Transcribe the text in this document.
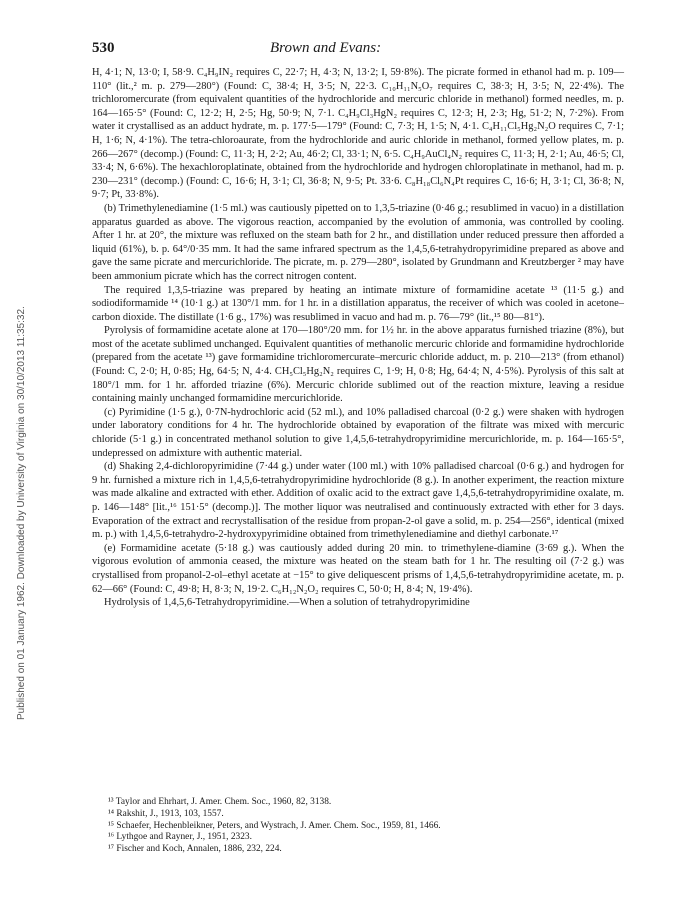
Published on 01 January 1962. Downloaded by University of Virginia on 30/10/2013 11:35:32.
530	Brown and Evans:

H, 4·1; N, 13·0; I, 58·9. C₄H₉IN₂ requires C, 22·7; H, 4·3; N, 13·2; I, 59·8%). The picrate formed in ethanol had m. p. 109—110° (lit.,² m. p. 279—280°) (Found: C, 38·4; H, 3·5; N, 22·3. C₁₀H₁₁N₅O₇ requires C, 38·3; H, 3·5; N, 22·4%). The trichloromercurate (from equivalent quantities of the hydrochloride and mercuric chloride in methanol) formed needles, m. p. 164—165·5° (Found: C, 12·2; H, 2·5; Hg, 50·9; N, 7·1. C₄H₉Cl₃HgN₂ requires C, 12·3; H, 2·3; Hg, 51·2; N, 7·2%). From water it crystallised as an adduct hydrate, m. p. 177·5—179° (Found: C, 7·3; H, 1·5; N, 4·1. C₄H₁₁Cl₅Hg₂N₂O requires C, 7·1; H, 1·6; N, 4·1%). The tetra-chloroaurate, from the hydrochloride and auric chloride in methanol, formed yellow plates, m. p. 266—267° (decomp.) (Found: C, 11·3; H, 2·2; Au, 46·2; Cl, 33·1; N, 6·5. C₄H₉AuCl₄N₂ requires C, 11·3; H, 2·1; Au, 46·5; Cl, 33·4; N, 6·6%). The hexachloroplatinate, obtained from the hydrochloride and hydrogen chloroplatinate in methanol, had m. p. 230—231° (decomp.) (Found: C, 16·6; H, 3·1; Cl, 36·8; N, 9·5; Pt. 33·6. C₈H₁₈Cl₆N₄Pt requires C, 16·6; H, 3·1; Cl, 36·8; N, 9·7; Pt, 33·8%).

(b) Trimethylenediamine (1·5 ml.) was cautiously pipetted on to 1,3,5-triazine (0·46 g.; resublimed in vacuo) in a distillation apparatus guarded as above. The vigorous reaction, accompanied by the evolution of ammonia, was controlled by cooling. After 1 hr. at 20°, the mixture was refluxed on the steam bath for 2 hr., and distillation under reduced pressure then afforded a liquid (61%), b. p. 64°/0·35 mm. It had the same infrared spectrum as the 1,4,5,6-tetrahydropyrimidine prepared as above and gave the same picrate and mercurichloride. The picrate, m. p. 279—280°, isolated by Grundmann and Kreutzberger ² may have been ammonium picrate which has the correct nitrogen content.

The required 1,3,5-triazine was prepared by heating an intimate mixture of formamidine acetate ¹³ (11·5 g.) and sodiodiformamide ¹⁴ (10·1 g.) at 130°/1 mm. for 1 hr. in a distillation apparatus, the receiver of which was cooled in acetone–carbon dioxide. The distillate (1·6 g., 17%) was resublimed in vacuo and had m. p. 76—79° (lit.,¹⁵ 80—81°).

Pyrolysis of formamidine acetate alone at 170—180°/20 mm. for 1½ hr. in the above apparatus furnished triazine (8%), but most of the acetate sublimed unchanged. Equivalent quantities of methanolic mercuric chloride and formamidine hydrochloride (prepared from the acetate ¹³) gave formamidine trichloromercurate–mercuric chloride adduct, m. p. 210—213° (from ethanol) (Found: C, 2·0; H, 0·85; Hg, 64·5; N, 4·4. CH₅Cl₅Hg₂N₂ requires C, 1·9; H, 0·8; Hg, 64·4; N, 4·5%). Pyrolysis of this salt at 180°/1 mm. for 1 hr. afforded triazine (6%). Mercuric chloride sublimed out of the reaction mixture, leaving a residue containing mainly unchanged formamidine mercurichloride.

(c) Pyrimidine (1·5 g.), 0·7N-hydrochloric acid (52 ml.), and 10% palladised charcoal (0·2 g.) were shaken with hydrogen under laboratory conditions for 4 hr. The hydrochloride obtained by evaporation of the filtrate was mixed with mercuric chloride (5·1 g.) in concentrated methanol solution to give 1,4,5,6-tetrahydropyrimidine mercurichloride, m. p. 164—165·5°, undepressed on admixture with authentic material.

(d) Shaking 2,4-dichloropyrimidine (7·44 g.) under water (100 ml.) with 10% palladised charcoal (0·6 g.) and hydrogen for 9 hr. furnished a mixture rich in 1,4,5,6-tetrahydropyrimidine hydrochloride (8 g.). In another experiment, the reaction mixture was made alkaline and extracted with ether. Addition of oxalic acid to the extract gave 1,4,5,6-tetrahydropyrimidine oxalate, m. p. 146—148° [lit.,¹⁶ 151·5° (decomp.)]. The mother liquor was neutralised and continuously extracted with ether for 3 days. Evaporation of the extract and recrystallisation of the residue from propan-2-ol gave a solid, m. p. 254—256°, identical (mixed m. p.) with 1,4,5,6-tetrahydro-2-hydroxypyrimidine obtained from trimethylenediamine and diethyl carbonate.¹⁷

(e) Formamidine acetate (5·18 g.) was cautiously added during 20 min. to trimethylene-diamine (3·69 g.). When the vigorous evolution of ammonia ceased, the mixture was heated on the steam bath for 1 hr. The resulting oil (7·2 g.) was crystallised from propanol-2-ol–ethyl acetate at −15° to give deliquescent prisms of 1,4,5,6-tetrahydropyrimidine acetate, m. p. 62—66° (Found: C, 49·8; H, 8·3; N, 19·2. C₆H₁₂N₂O₂ requires C, 50·0; H, 8·4; N, 19·4%).

Hydrolysis of 1,4,5,6-Tetrahydropyrimidine.—When a solution of tetrahydropyrimidine

¹³ Taylor and Ehrhart, J. Amer. Chem. Soc., 1960, 82, 3138.

¹⁴ Rakshit, J., 1913, 103, 1557.

¹⁵ Schaefer, Hechenbleikner, Peters, and Wystrach, J. Amer. Chem. Soc., 1959, 81, 1466.

¹⁶ Lythgoe and Rayner, J., 1951, 2323.

¹⁷ Fischer and Koch, Annalen, 1886, 232, 224.
